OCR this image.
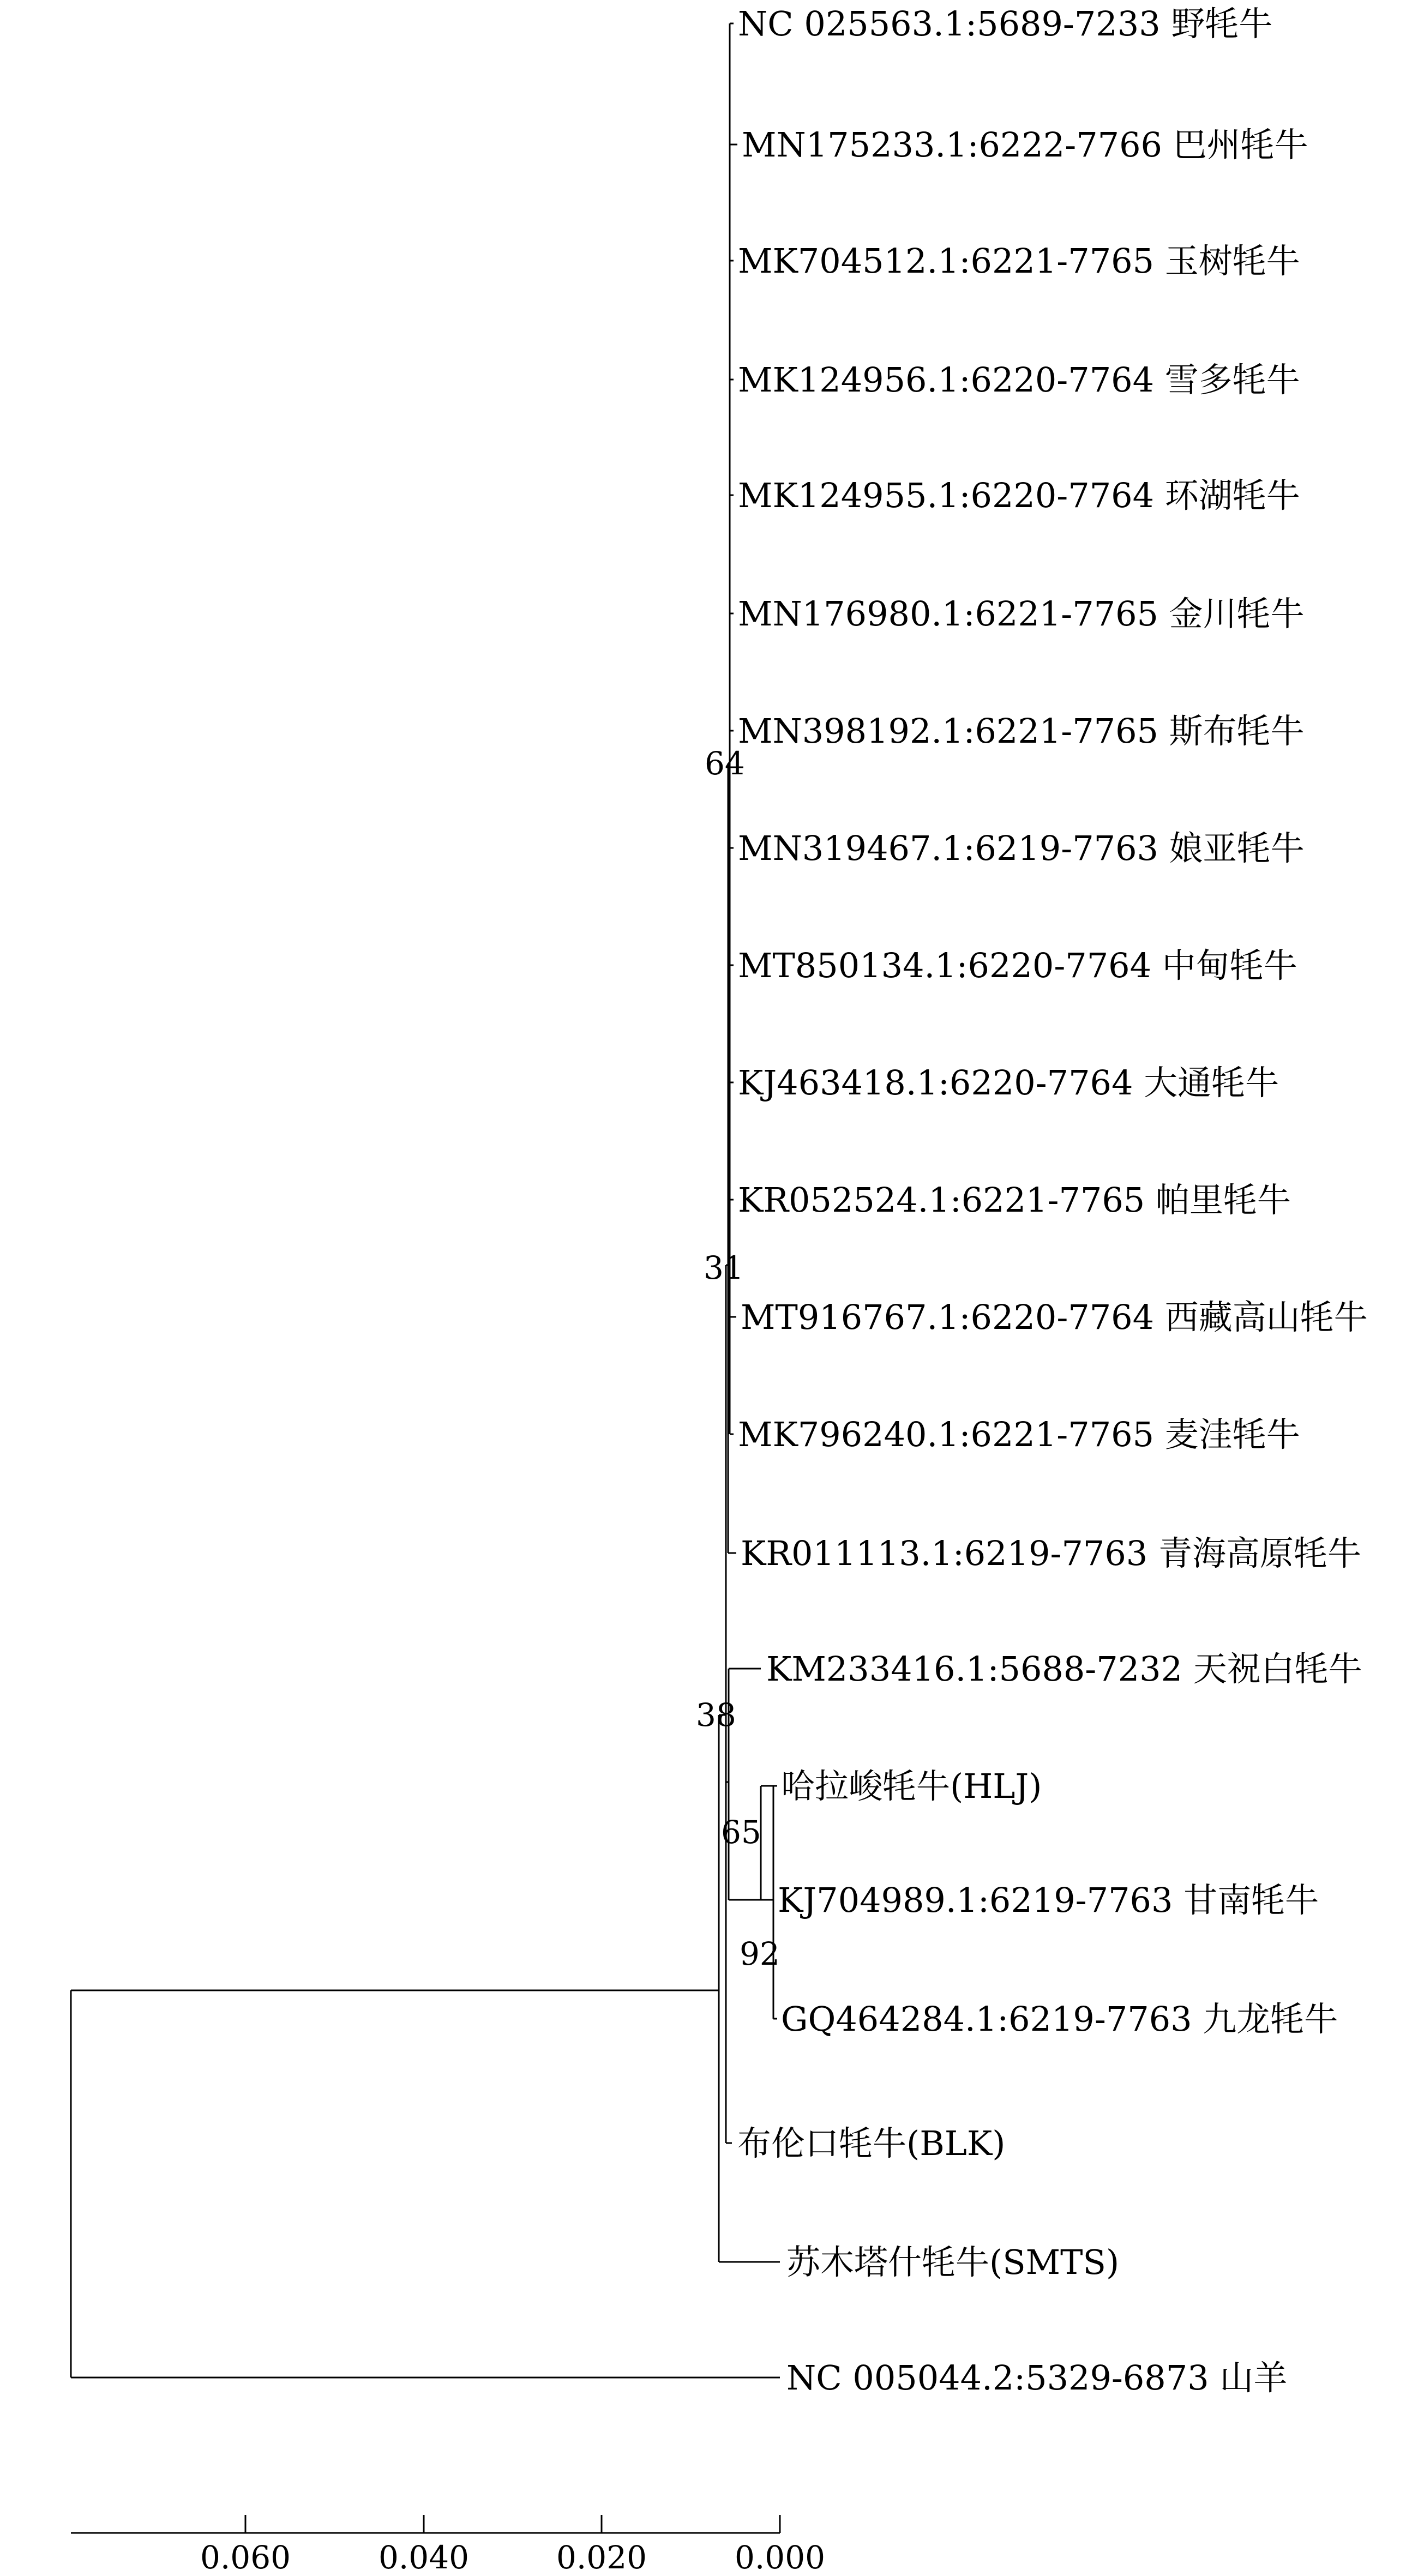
NC 025563.1:5689-7233 野牦牛
MN175233.1:6222-7766 巴州牦牛
MK704512.1:6221-7765 玉树牦牛
MK124956.1:6220-7764 雪多牦牛
MK124955.1:6220-7764 环湖牦牛
MN176980.1:6221-7765 金川牦牛
MN398192.1:6221-7765 斯布牦牛
MN319467.1:6219-7763 娘亚牦牛
MT850134.1:6220-7764 中甸牦牛
KJ463418.1:6220-7764 大通牦牛
KR052524.1:6221-7765 帕里牦牛
MT916767.1:6220-7764 西藏高山牦牛
MK796240.1:6221-7765 麦洼牦牛
KR011113.1:6219-7763 青海高原牦牛
KM233416.1:5688-7232 天祝白牦牛
哈拉峻牦牛(HLJ)
KJ704989.1:6219-7763 甘南牦牛
GQ464284.1:6219-7763 九龙牦牛
布伦口牦牛(BLK)
苏木塔什牦牛(SMTS)
NC 005044.2:5329-6873 山羊
64
31
38
65
92
0.060	0.040	0.020	0.000
